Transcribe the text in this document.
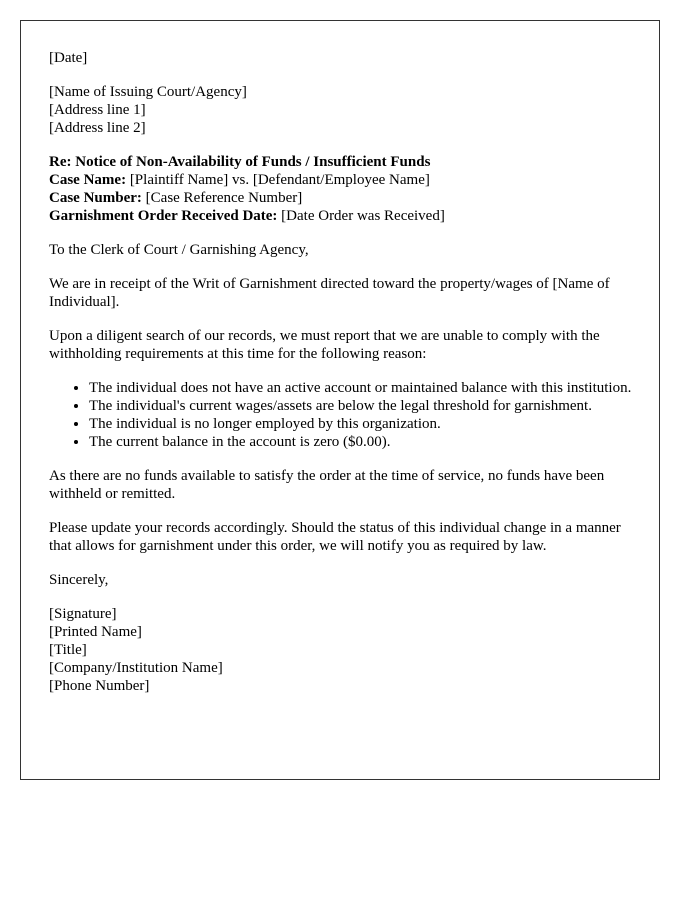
[Date]
[Name of Issuing Court/Agency]
[Address line 1]
[Address line 2]
Re: Notice of Non-Availability of Funds / Insufficient Funds
Case Name: [Plaintiff Name] vs. [Defendant/Employee Name]
Case Number: [Case Reference Number]
Garnishment Order Received Date: [Date Order was Received]

To the Clerk of Court / Garnishing Agency,

We are in receipt of the Writ of Garnishment directed toward the property/wages of [Name of Individual].

Upon a diligent search of our records, we must report that we are unable to comply with the withholding requirements at this time for the following reason:

• The individual does not have an active account or maintained balance with this institution.
• The individual's current wages/assets are below the legal threshold for garnishment.
• The individual is no longer employed by this organization.
• The current balance in the account is zero ($0.00).

As there are no funds available to satisfy the order at the time of service, no funds have been withheld or remitted.

Please update your records accordingly. Should the status of this individual change in a manner that allows for garnishment under this order, we will notify you as required by law.

Sincerely,

[Signature]
[Printed Name]
[Title]
[Company/Institution Name]
[Phone Number]
